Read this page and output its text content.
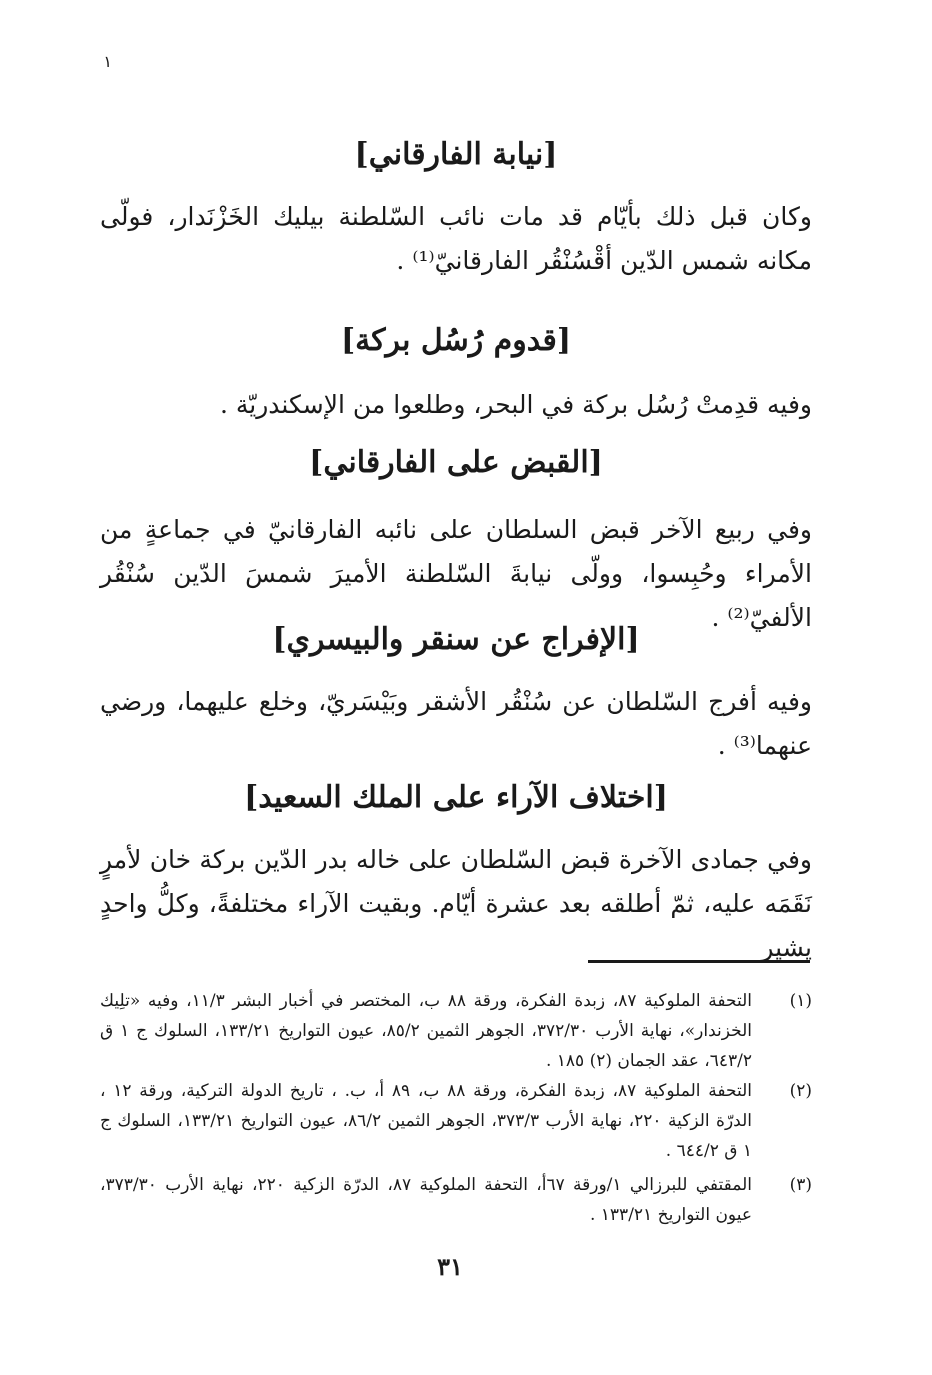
١
[نيابة الفارقاني]
وكان قبل ذلك بأيّام قد مات نائب السّلطنة بيليك الخَزْنَدار، فولّى مكانه شمس الدّين أقْسُنْقُر الفارقانيّ⁽¹⁾ .
[قدوم رُسُل بركة]
وفيه قدِمتْ رُسُل بركة في البحر، وطلعوا من الإسكندريّة .
[القبض على الفارقاني]
وفي ربيع الآخر قبض السلطان على نائبه الفارقانيّ في جماعةٍ من الأمراء وحُبِسوا، وولّى نيابةَ السّلطنة الأميرَ شمسَ الدّين سُنْقُر الألفيّ⁽²⁾ .
[الإفراج عن سنقر والبيسري]
وفيه أفرج السّلطان عن سُنْقُر الأشقر وبَيْسَريّ، وخلع عليهما، ورضي عنهما⁽³⁾ .
[اختلاف الآراء على الملك السعيد]
وفي جمادى الآخرة قبض السّلطان على خاله بدر الدّين بركة خان لأمرٍ نَقَمَه عليه، ثمّ أطلقه بعد عشرة أيّام. وبقيت الآراء مختلفةً، وكلُّ واحدٍ يشير
(١)
التحفة الملوكية ٨٧، زبدة الفكرة، ورقة ٨٨ ب، المختصر في أخبار البشر ١١/٣، وفيه «تلِيك الخزندار»، نهاية الأرب ٣٧٢/٣٠، الجوهر الثمين ٨٥/٢، عيون التواريخ ١٣٣/٢١، السلوك ج ١ ق ٦٤٣/٢، عقد الجمان (٢) ١٨٥ .
(٢)
التحفة الملوكية ٨٧، زبدة الفكرة، ورقة ٨٨ ب، ٨٩ أ، ب. ، تاريخ الدولة التركية، ورقة ١٢ ، الدرّة الزكية ٢٢٠، نهاية الأرب ٣٧٣/٣، الجوهر الثمين ٨٦/٢، عيون التواريخ ١٣٣/٢١، السلوك ج ١ ق ٦٤٤/٢ .
(٣)
المقتفي للبرزالي ١/ورقة ٦٧أ، التحفة الملوكية ٨٧، الدرّة الزكية ٢٢٠، نهاية الأرب ٣٧٣/٣٠، عيون التواريخ ١٣٣/٢١ .
٣١
